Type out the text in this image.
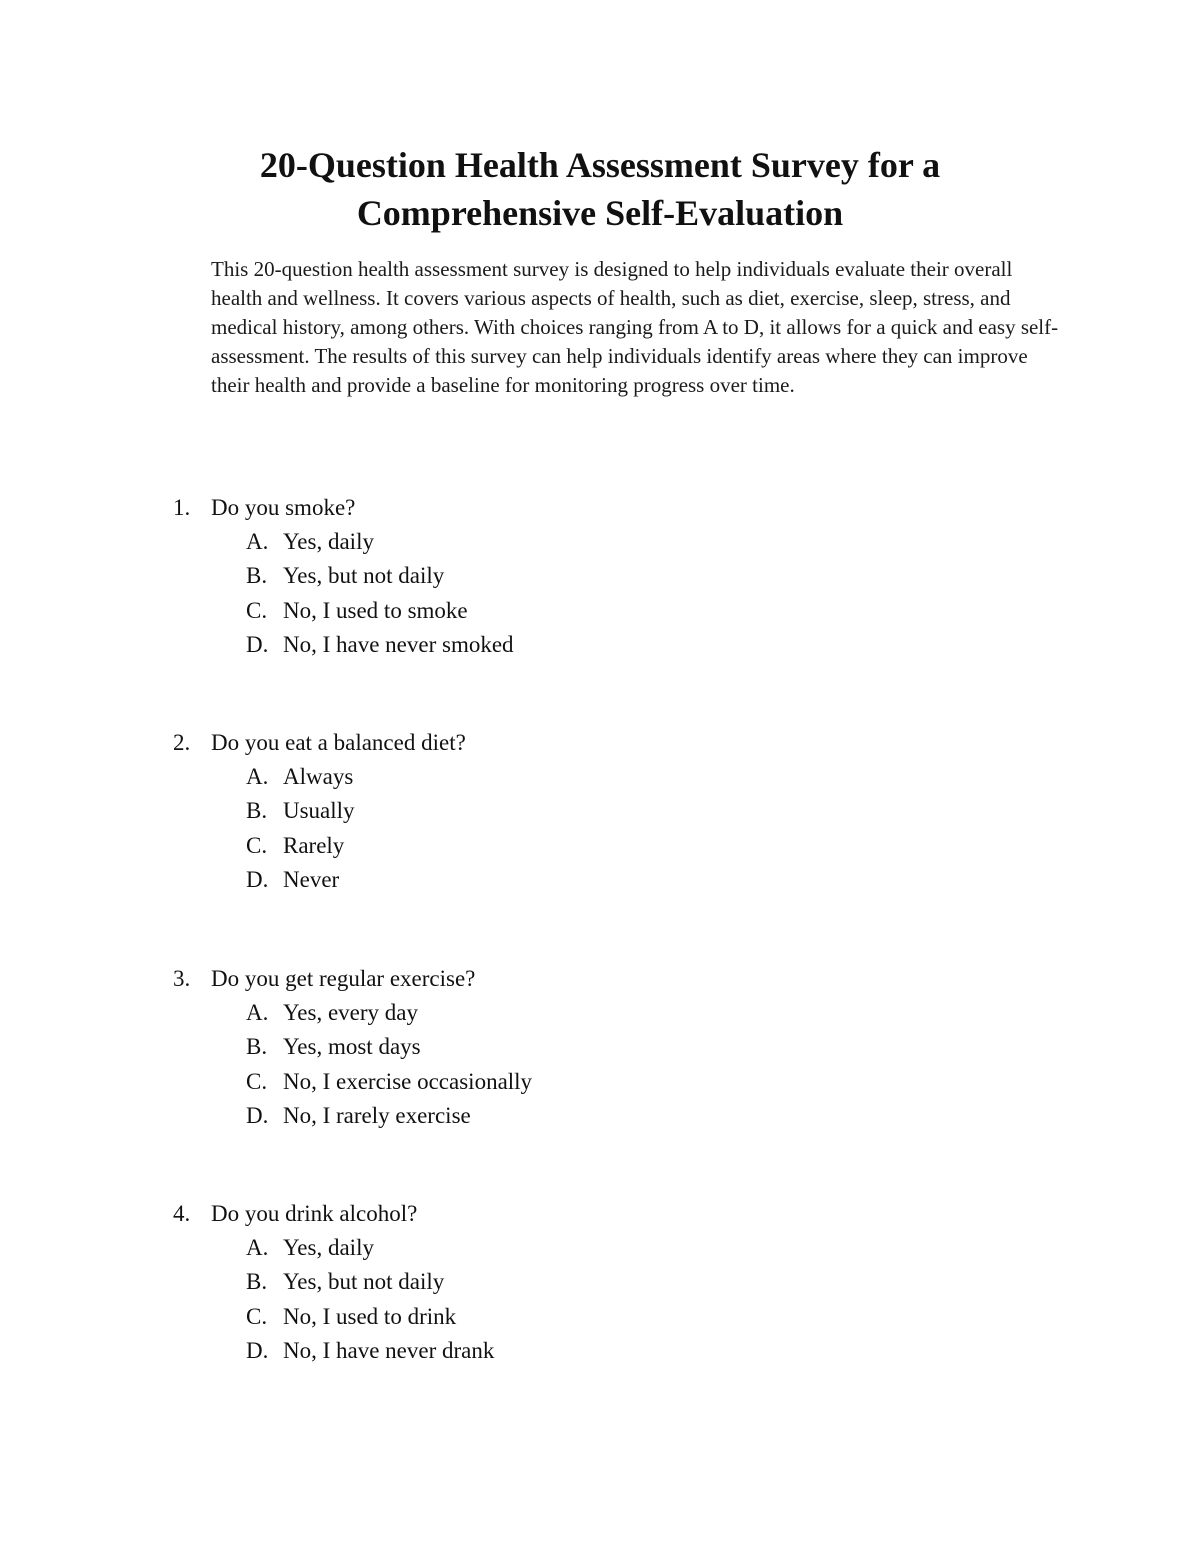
20-Question Health Assessment Survey for a
Comprehensive Self-Evaluation

This 20-question health assessment survey is designed to help individuals evaluate their overall health and wellness. It covers various aspects of health, such as diet, exercise, sleep, stress, and medical history, among others. With choices ranging from A to D, it allows for a quick and easy self-assessment. The results of this survey can help individuals identify areas where they can improve their health and provide a baseline for monitoring progress over time.

1. Do you smoke?
A. Yes, daily
B. Yes, but not daily
C. No, I used to smoke
D. No, I have never smoked
2. Do you eat a balanced diet?
A. Always
B. Usually
C. Rarely
D. Never
3. Do you get regular exercise?
A. Yes, every day
B. Yes, most days
C. No, I exercise occasionally
D. No, I rarely exercise
4. Do you drink alcohol?
A. Yes, daily
B. Yes, but not daily
C. No, I used to drink
D. No, I have never drank
